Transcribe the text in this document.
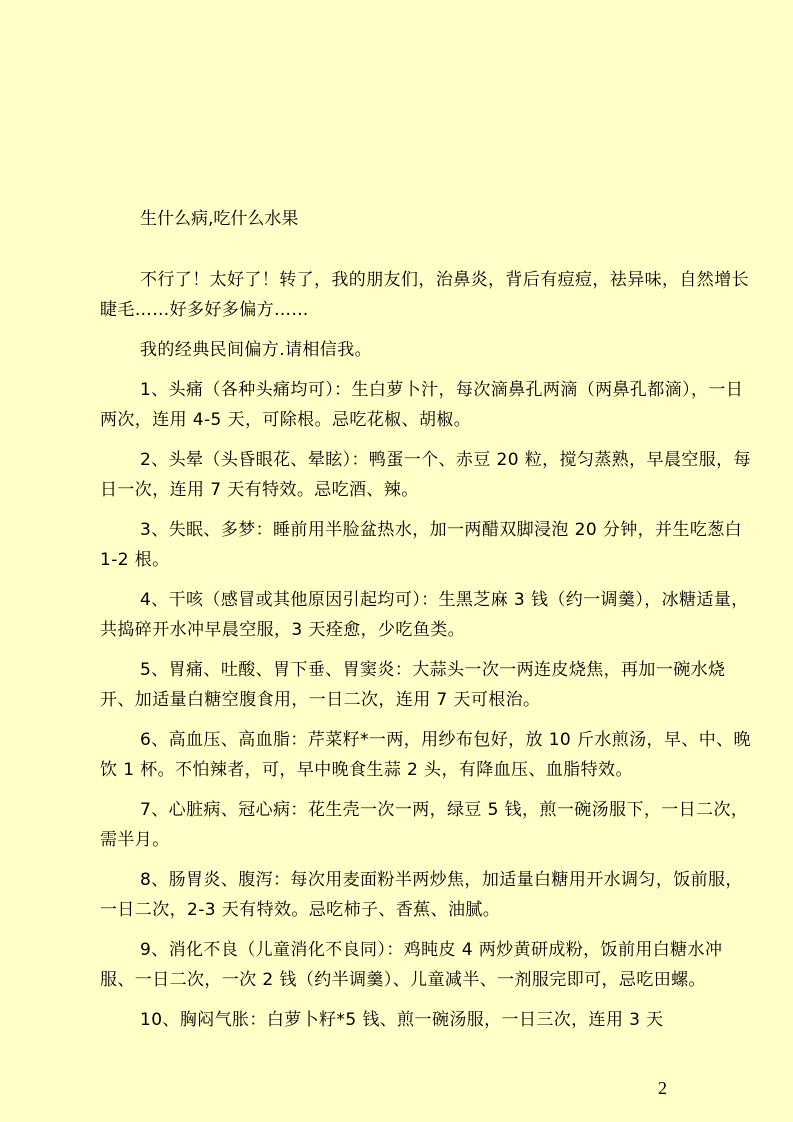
生什么病,吃什么水果

不行了！太好了！转了，我的朋友们，治鼻炎，背后有痘痘，祛异味，自然增长睫毛……好多好多偏方……

我的经典民间偏方.请相信我。

1、头痛（各种头痛均可）：生白萝卜汁，每次滴鼻孔两滴（两鼻孔都滴），一日两次，连用 4-5 天，可除根。忌吃花椒、胡椒。

2、头晕（头昏眼花、晕眩）：鸭蛋一个、赤豆 20 粒，搅匀蒸熟，早晨空服，每日一次，连用 7 天有特效。忌吃酒、辣。

3、失眠、多梦：睡前用半脸盆热水，加一两醋双脚浸泡 20 分钟，并生吃葱白 1-2 根。

4、干咳（感冒或其他原因引起均可）：生黑芝麻 3 钱（约一调羹），冰糖适量，共捣碎开水冲早晨空服，3 天痊愈，少吃鱼类。

5、胃痛、吐酸、胃下垂、胃窦炎：大蒜头一次一两连皮烧焦，再加一碗水烧开、加适量白糖空腹食用，一日二次，连用 7 天可根治。

6、高血压、高血脂：芹菜籽*一两，用纱布包好，放 10 斤水煎汤，早、中、晚饮 1 杯。不怕辣者，可，早中晚食生蒜 2 头，有降血压、血脂特效。

7、心脏病、冠心病：花生壳一次一两，绿豆 5 钱，煎一碗汤服下，一日二次，需半月。

8、肠胃炎、腹泻：每次用麦面粉半两炒焦，加适量白糖用开水调匀，饭前服，一日二次，2-3 天有特效。忌吃柿子、香蕉、油腻。

9、消化不良（儿童消化不良同）：鸡盹皮 4 两炒黄研成粉，饭前用白糖水冲服、一日二次，一次 2 钱（约半调羹）、儿童减半、一剂服完即可，忌吃田螺。

10、胸闷气胀：白萝卜籽*5 钱、煎一碗汤服，一日三次，连用 3 天

2
